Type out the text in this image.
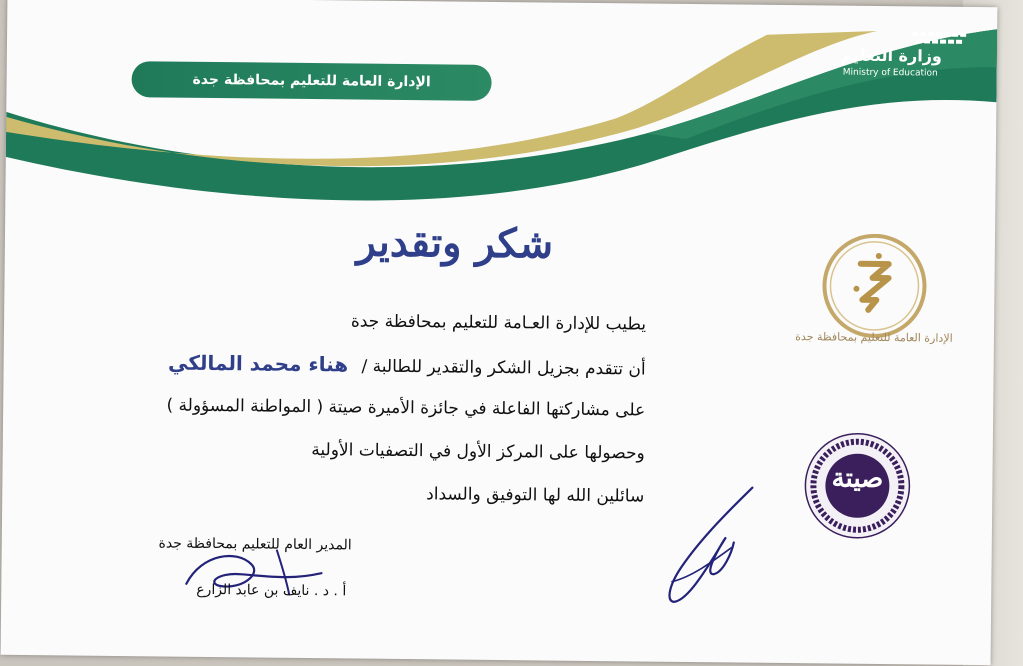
الإدارة العامة للتعليم بمحافظة جدة
وزارة التعليم
Ministry of Education
شكر وتقدير
يطيب للإدارة العـامة للتعليم بمحافظة جدة
أن تتقدم بجزيل الشكر والتقدير للطالبة / هناء محمد المالكي
على مشاركتها الفاعلة في جائزة الأميرة صيتة ( المواطنة المسؤولة )
وحصولها على المركز الأول في التصفيات الأولية
سائلين الله لها التوفيق والسداد
الإدارة العامة للتعليم بمحافظة جدة
صيتة
المدير العام للتعليم بمحافظة جدة
أ . د . نايف بن عابد الزارع
